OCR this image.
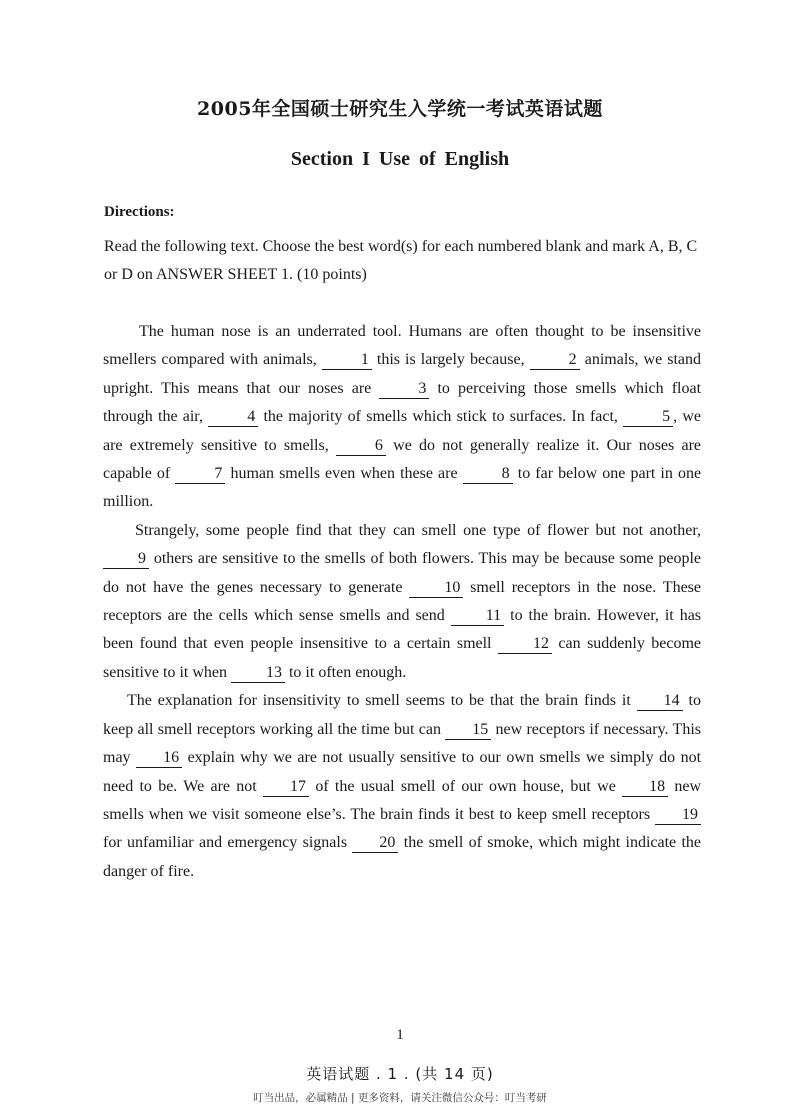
2005年全国硕士研究生入学统一考试英语试题
Section I Use of English
Directions:
Read the following text. Choose the best word(s) for each numbered blank and mark A, B, C or D on ANSWER SHEET 1. (10 points)

The human nose is an underrated tool. Humans are often thought to be insensitive smellers compared with animals,	1 this is largely because,	2 animals, we stand upright. This means that our noses are	3 to perceiving those smells which float through the air,	4 the majority of smells which stick to surfaces. In fact,	5 , we are extremely sensitive to smells,	6 we do not generally realize it. Our noses are capable of	7 human smells even when these are	8 to far below one part in one million.

Strangely, some people find that they can smell one type of flower but not another, 9 others are sensitive to the smells of both flowers. This may be because some people do not have the genes necessary to generate	10 smell receptors in the nose. These receptors are the cells which sense smells and send	11 to the brain. However, it has been found that even people insensitive to a certain smell	12 can suddenly become sensitive to it when 13 to it often enough.

The explanation for insensitivity to smell seems to be that the brain finds it 14 to keep all smell receptors working all the time but can 15 new receptors if necessary. This may 16 explain why we are not usually sensitive to our own smells we simply do not need to be. We are not 17 of the usual smell of our own house, but we 18 new smells when we visit someone else’s. The brain finds it best to keep smell receptors 19 for unfamiliar and emergency signals 20 the smell of smoke, which might indicate the danger of fire.

1
英语试题 . 1 . (共 14 页)
叮当出品，必属精品 | 更多资料，请关注微信公众号：叮当考研
